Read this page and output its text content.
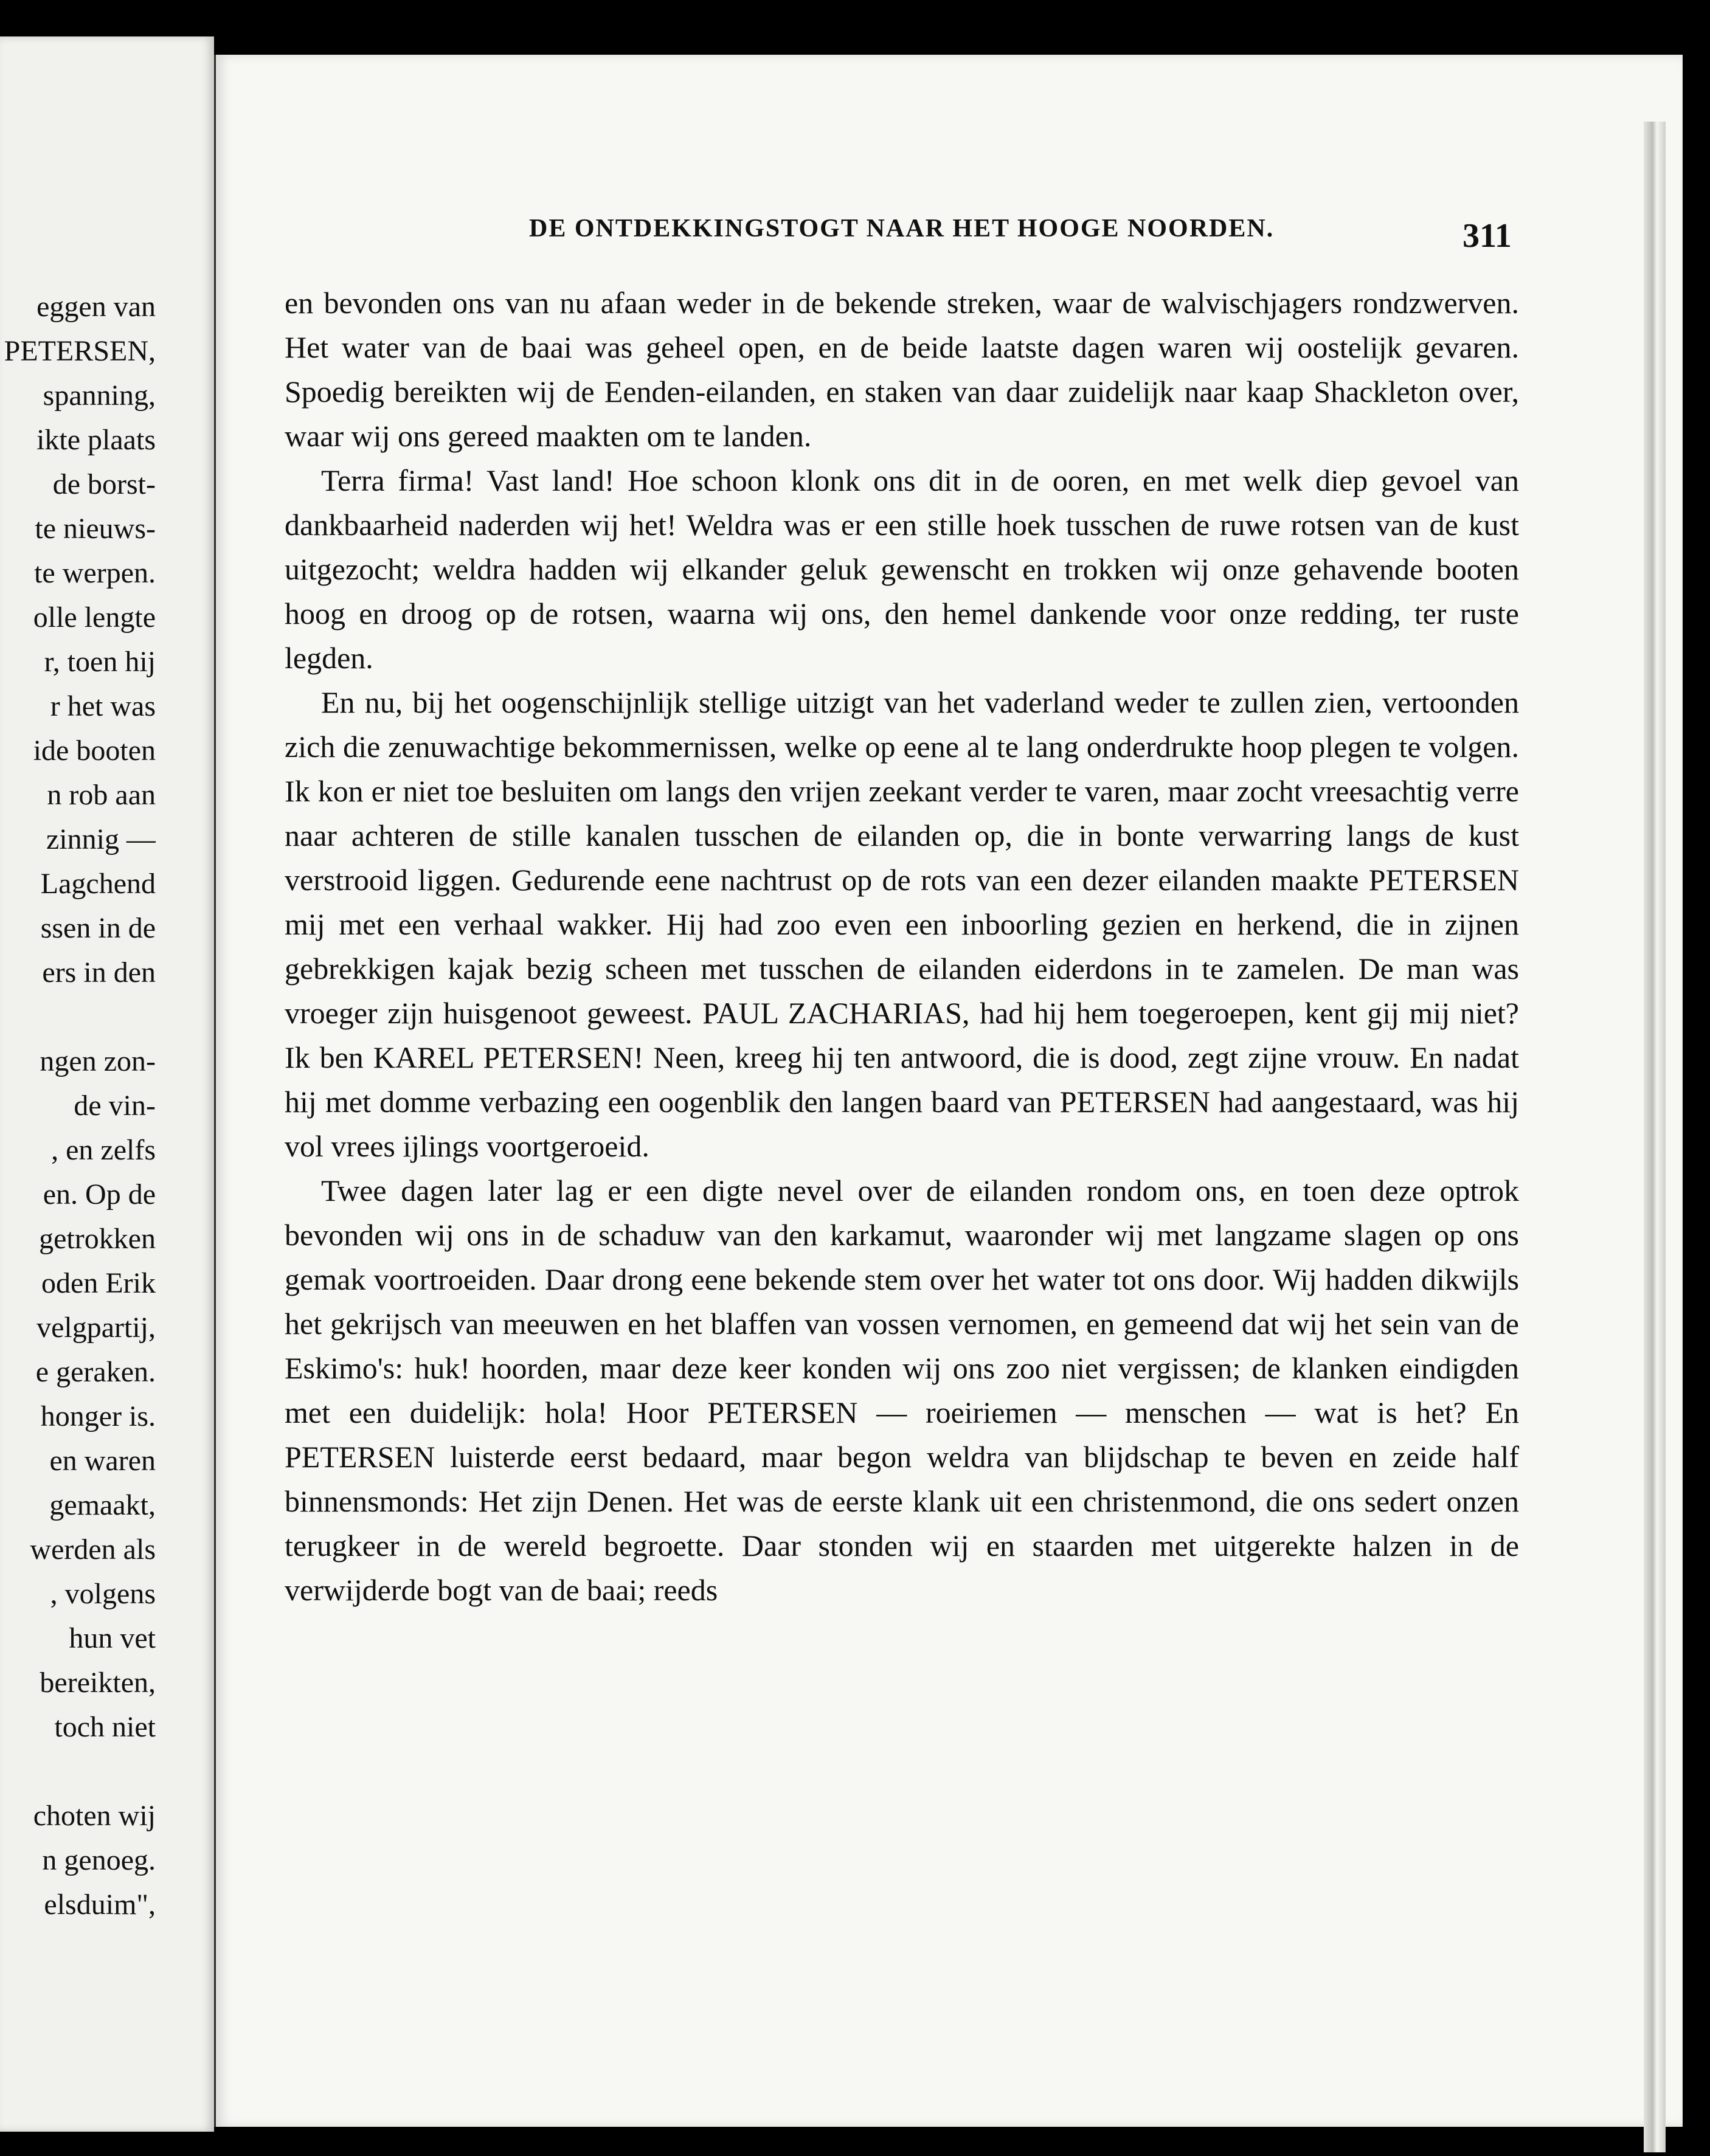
eggen van
PETERSEN,
spanning,
ikte plaats
de borst-
te nieuws-
te werpen.
olle lengte
r, toen hij
r het was
ide booten
n rob aan
zinnig —
Lagchend
ssen in de
ers in den
ngen zon-
de vin-
, en zelfs
en. Op de
getrokken
oden Erik
velgpartij,
e geraken.
honger is.
en waren
gemaakt,
werden als
, volgens
hun vet
bereikten,
toch niet
choten wij
n genoeg.
elsduim",
DE ONTDEKKINGSTOGT NAAR HET HOOGE NOORDEN.	311

en bevonden ons van nu afaan weder in de bekende streken, waar de walvischjagers rondzwerven. Het water van de baai was geheel open, en de beide laatste dagen waren wij oostelijk gevaren. Spoedig bereikten wij de Eenden-eilanden, en staken van daar zuidelijk naar kaap Shackleton over, waar wij ons gereed maakten om te landen.

Terra firma! Vast land! Hoe schoon klonk ons dit in de ooren, en met welk diep gevoel van dankbaarheid naderden wij het! Weldra was er een stille hoek tusschen de ruwe rotsen van de kust uitgezocht; weldra hadden wij elkander geluk gewenscht en trokken wij onze gehavende booten hoog en droog op de rotsen, waarna wij ons, den hemel dankende voor onze redding, ter ruste legden.

En nu, bij het oogenschijnlijk stellige uitzigt van het vaderland weder te zullen zien, vertoonden zich die zenuwachtige bekommernissen, welke op eene al te lang onderdrukte hoop plegen te volgen. Ik kon er niet toe besluiten om langs den vrijen zeekant verder te varen, maar zocht vreesachtig verre naar achteren de stille kanalen tusschen de eilanden op, die in bonte verwarring langs de kust verstrooid liggen. Gedurende eene nachtrust op de rots van een dezer eilanden maakte PETERSEN mij met een verhaal wakker. Hij had zoo even een inboorling gezien en herkend, die in zijnen gebrekkigen kajak bezig scheen met tusschen de eilanden eiderdons in te zamelen. De man was vroeger zijn huisgenoot geweest. PAUL ZACHARIAS, had hij hem toegeroepen, kent gij mij niet? Ik ben KAREL PETERSEN! Neen, kreeg hij ten antwoord, die is dood, zegt zijne vrouw. En nadat hij met domme verbazing een oogenblik den langen baard van PETERSEN had aangestaard, was hij vol vrees ijlings voortgeroeid.

Twee dagen later lag er een digte nevel over de eilanden rondom ons, en toen deze optrok bevonden wij ons in de schaduw van den karkamut, waaronder wij met langzame slagen op ons gemak voortroeiden. Daar drong eene bekende stem over het water tot ons door. Wij hadden dikwijls het gekrijsch van meeuwen en het blaffen van vossen vernomen, en gemeend dat wij het sein van de Eskimo's: huk! hoorden, maar deze keer konden wij ons zoo niet vergissen; de klanken eindigden met een duidelijk: hola! Hoor PETERSEN — roeiriemen — menschen — wat is het? En PETERSEN luisterde eerst bedaard, maar begon weldra van blijdschap te beven en zeide half binnensmonds: Het zijn Denen. Het was de eerste klank uit een christenmond, die ons sedert onzen terugkeer in de wereld begroette. Daar stonden wij en staarden met uitgerekte halzen in de verwijderde bogt van de baai; reeds
